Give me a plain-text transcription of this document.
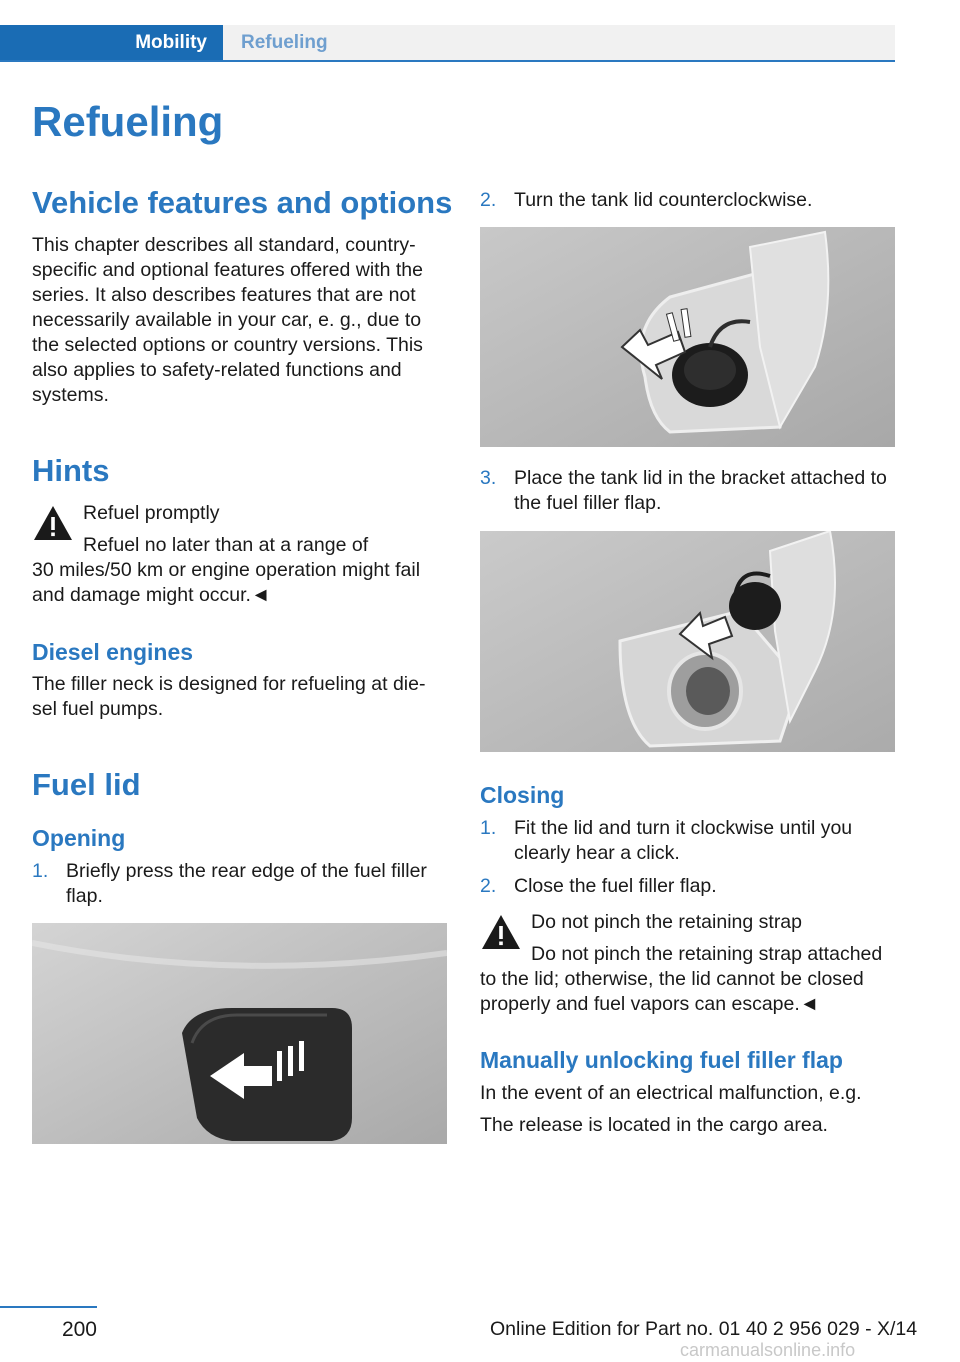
Mobility	Refueling
Refueling
Vehicle features and options
This chapter describes all standard, country-
specific and optional features offered with the
series. It also describes features that are not
necessarily available in your car, e. g., due to
the selected options or country versions. This
also applies to safety-related functions and
systems.
Hints
Refuel promptly
Refuel no later than at a range of
30 miles/50 km or engine operation might fail
and damage might occur.◄
Diesel engines
The filler neck is designed for refueling at die-
sel fuel pumps.
Fuel lid
Opening
1. Briefly press the rear edge of the fuel filler
flap.
2. Turn the tank lid counterclockwise.
3. Place the tank lid in the bracket attached to
the fuel filler flap.
Closing
1. Fit the lid and turn it clockwise until you
clearly hear a click.
2. Close the fuel filler flap.
Do not pinch the retaining strap
Do not pinch the retaining strap attached
to the lid; otherwise, the lid cannot be closed
properly and fuel vapors can escape.◄
Manually unlocking fuel filler flap
In the event of an electrical malfunction, e.g.
The release is located in the cargo area.
200	Online Edition for Part no. 01 40 2 956 029 - X/14
carmanualsonline.info
